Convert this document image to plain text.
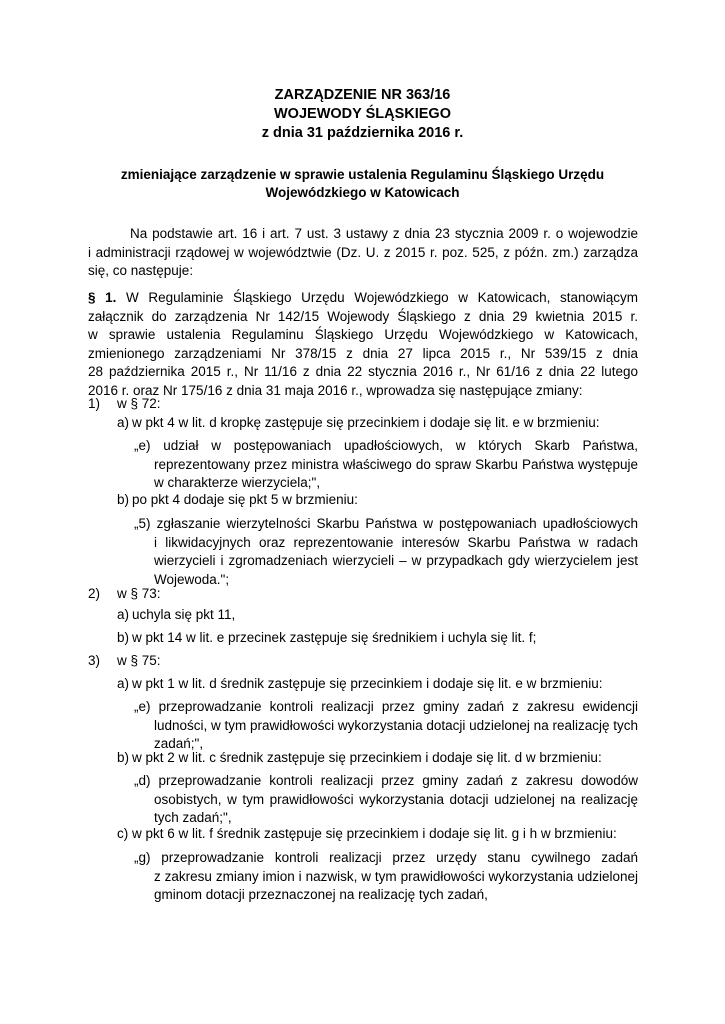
ZARZĄDZENIE NR 363/16
WOJEWODY ŚLĄSKIEGO
z dnia 31 października 2016 r.
zmieniające zarządzenie w sprawie ustalenia Regulaminu Śląskiego Urzędu
Wojewódzkiego w Katowicach
Na podstawie art. 16 i art. 7 ust. 3 ustawy z dnia 23 stycznia 2009 r. o wojewodzie
i administracji rządowej w województwie (Dz. U. z 2015 r. poz. 525, z późn. zm.) zarządza
się, co następuje:
§ 1. W Regulaminie Śląskiego Urzędu Wojewódzkiego w Katowicach, stanowiącym
załącznik do zarządzenia Nr 142/15 Wojewody Śląskiego z dnia 29 kwietnia 2015 r.
w sprawie ustalenia Regulaminu Śląskiego Urzędu Wojewódzkiego w Katowicach,
zmienionego zarządzeniami Nr 378/15 z dnia 27 lipca 2015 r., Nr 539/15 z dnia
28 października 2015 r., Nr 11/16 z dnia 22 stycznia 2016 r., Nr 61/16 z dnia 22 lutego
2016 r. oraz Nr 175/16 z dnia 31 maja 2016 r., wprowadza się następujące zmiany:
1) w § 72:
a) w pkt 4 w lit. d kropkę zastępuje się przecinkiem i dodaje się lit. e w brzmieniu:
„e) udział w postępowaniach upadłościowych, w których Skarb Państwa,
reprezentowany przez ministra właściwego do spraw Skarbu Państwa występuje
w charakterze wierzyciela;",
b) po pkt 4 dodaje się pkt 5 w brzmieniu:
„5) zgłaszanie wierzytelności Skarbu Państwa w postępowaniach upadłościowych
i likwidacyjnych oraz reprezentowanie interesów Skarbu Państwa w radach
wierzycieli i zgromadzeniach wierzycieli – w przypadkach gdy wierzycielem jest
Wojewoda.";
2) w § 73:
a) uchyla się pkt 11,
b) w pkt 14 w lit. e przecinek zastępuje się średnikiem i uchyla się lit. f;
3) w § 75:
a) w pkt 1 w lit. d średnik zastępuje się przecinkiem i dodaje się lit. e w brzmieniu:
„e) przeprowadzanie kontroli realizacji przez gminy zadań z zakresu ewidencji
ludności, w tym prawidłowości wykorzystania dotacji udzielonej na realizację tych
zadań;",
b) w pkt 2 w lit. c średnik zastępuje się przecinkiem i dodaje się lit. d w brzmieniu:
„d) przeprowadzanie kontroli realizacji przez gminy zadań z zakresu dowodów
osobistych, w tym prawidłowości wykorzystania dotacji udzielonej na realizację
tych zadań;",
c) w pkt 6 w lit. f średnik zastępuje się przecinkiem i dodaje się lit. g i h w brzmieniu:
„g) przeprowadzanie kontroli realizacji przez urzędy stanu cywilnego zadań
z zakresu zmiany imion i nazwisk, w tym prawidłowości wykorzystania udzielonej
gminom dotacji przeznaczonej na realizację tych zadań,
